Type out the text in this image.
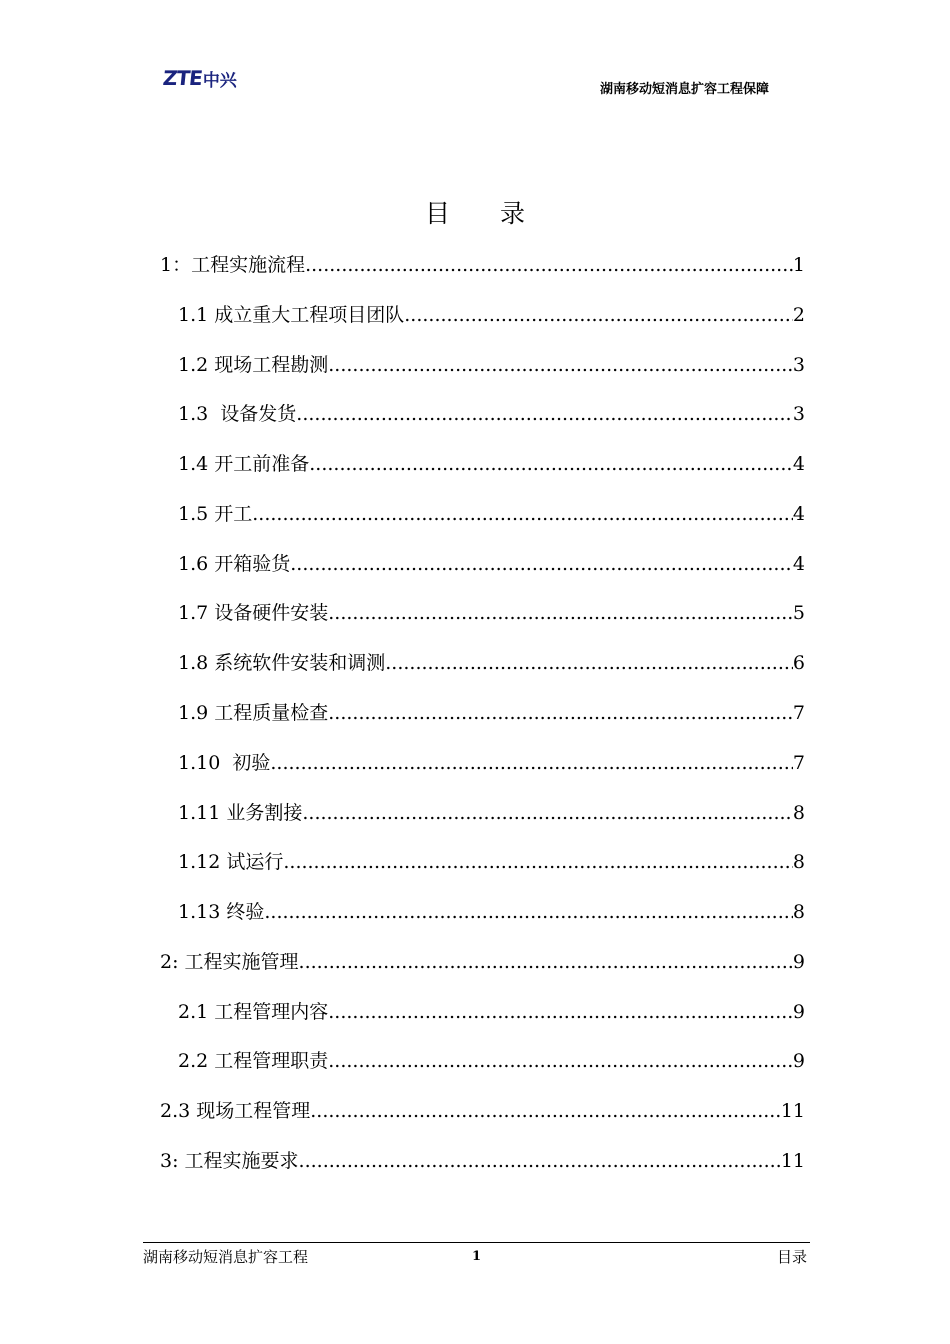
ZTE 中兴	湖南移动短消息扩容工程保障
目录
1：工程实施流程 .....	1
1.1 成立重大工程项目团队 .....	2
1.2 现场工程勘测 .....	3
1.3  设备发货 .....	3
1.4 开工前准备 .....	4
1.5 开工 .....	4
1.6 开箱验货 .....	4
1.7 设备硬件安装 .....	5
1.8 系统软件安装和调测 .....	6
1.9 工程质量检查 .....	7
1.10  初验 .....	7
1.11 业务割接 .....	8
1.12 试运行 .....	8
1.13 终验 .....	8
2: 工程实施管理 .....	9
2.1 工程管理内容 .....	9
2.2 工程管理职责 .....	9
2.3 现场工程管理 .....	11
3: 工程实施要求 .....	11
湖南移动短消息扩容工程	1	目录
